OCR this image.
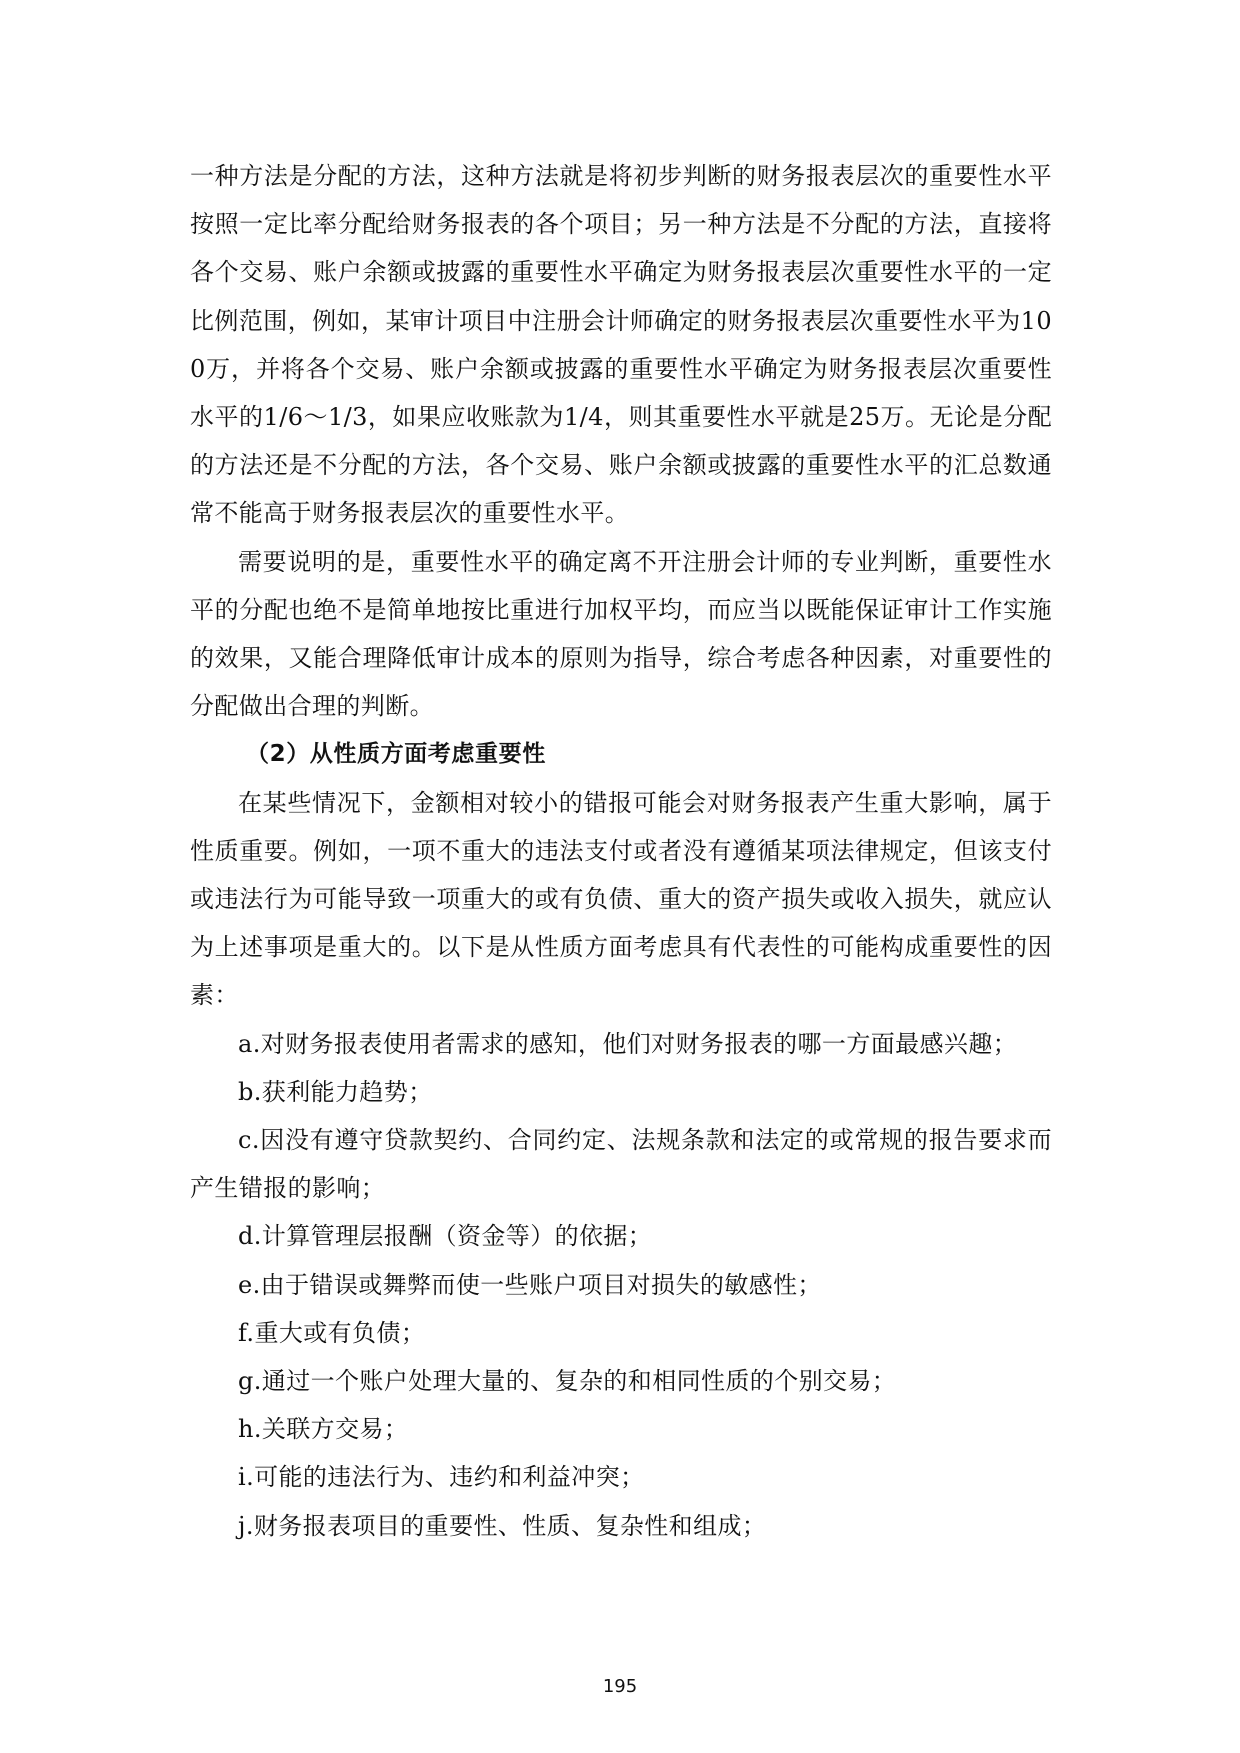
一种方法是分配的方法，这种方法就是将初步判断的财务报表层次的重要性水平按照一定比率分配给财务报表的各个项目；另一种方法是不分配的方法，直接将各个交易、账户余额或披露的重要性水平确定为财务报表层次重要性水平的一定比例范围，例如，某审计项目中注册会计师确定的财务报表层次重要性水平为100万，并将各个交易、账户余额或披露的重要性水平确定为财务报表层次重要性水平的1/6～1/3，如果应收账款为1/4，则其重要性水平就是25万。无论是分配的方法还是不分配的方法，各个交易、账户余额或披露的重要性水平的汇总数通常不能高于财务报表层次的重要性水平。

需要说明的是，重要性水平的确定离不开注册会计师的专业判断，重要性水平的分配也绝不是简单地按比重进行加权平均，而应当以既能保证审计工作实施的效果，又能合理降低审计成本的原则为指导，综合考虑各种因素，对重要性的分配做出合理的判断。

（2）从性质方面考虑重要性

在某些情况下，金额相对较小的错报可能会对财务报表产生重大影响，属于性质重要。例如，一项不重大的违法支付或者没有遵循某项法律规定，但该支付或违法行为可能导致一项重大的或有负债、重大的资产损失或收入损失，就应认为上述事项是重大的。以下是从性质方面考虑具有代表性的可能构成重要性的因素：

a.对财务报表使用者需求的感知，他们对财务报表的哪一方面最感兴趣；

b.获利能力趋势；

c.因没有遵守贷款契约、合同约定、法规条款和法定的或常规的报告要求而产生错报的影响；

d.计算管理层报酬（资金等）的依据；

e.由于错误或舞弊而使一些账户项目对损失的敏感性；

f.重大或有负债；

g.通过一个账户处理大量的、复杂的和相同性质的个别交易；

h.关联方交易；

i.可能的违法行为、违约和利益冲突；

j.财务报表项目的重要性、性质、复杂性和组成；

195
